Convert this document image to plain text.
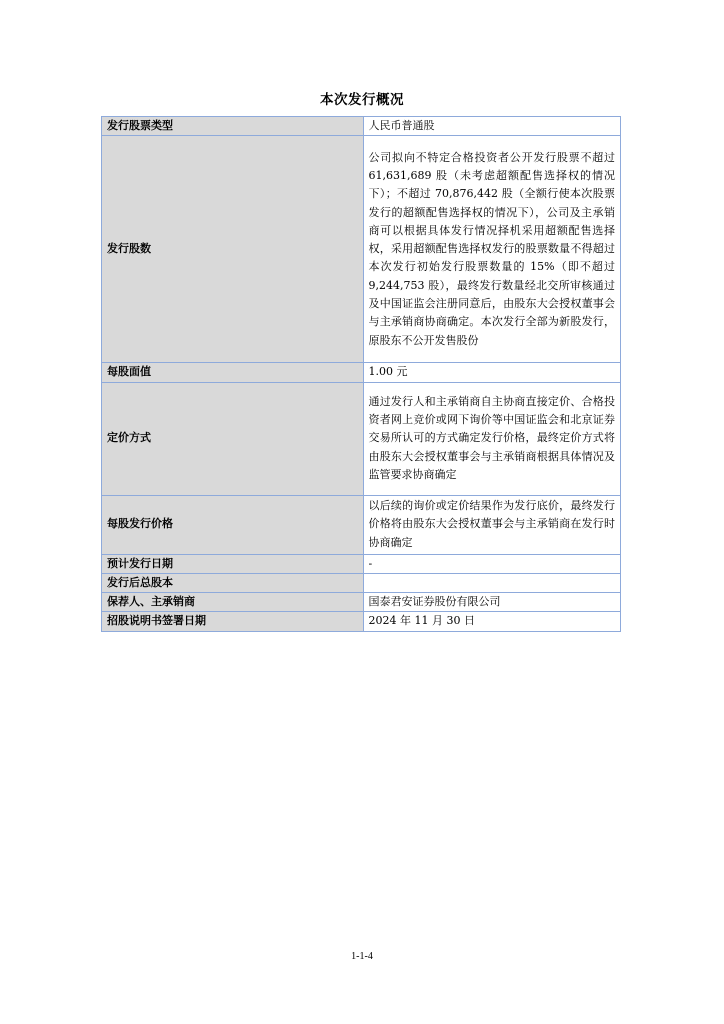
本次发行概况
发行股票类型	人民币普通股
发行股数	公司拟向不特定合格投资者公开发行股票不超过 61,631,689 股（未考虑超额配售选择权的情况下）；不超过 70,876,442 股（全额行使本次股票发行的超额配售选择权的情况下），公司及主承销商可以根据具体发行情况择机采用超额配售选择权，采用超额配售选择权发行的股票数量不得超过本次发行初始发行股票数量的 15%（即不超过 9,244,753 股），最终发行数量经北交所审核通过及中国证监会注册同意后，由股东大会授权董事会与主承销商协商确定。本次发行全部为新股发行，原股东不公开发售股份
每股面值	1.00 元
定价方式	通过发行人和主承销商自主协商直接定价、合格投资者网上竞价或网下询价等中国证监会和北京证券交易所认可的方式确定发行价格，最终定价方式将由股东大会授权董事会与主承销商根据具体情况及监管要求协商确定
每股发行价格	以后续的询价或定价结果作为发行底价，最终发行价格将由股东大会授权董事会与主承销商在发行时协商确定
预计发行日期	-
发行后总股本	
保荐人、主承销商	国泰君安证券股份有限公司
招股说明书签署日期	2024 年 11 月 30 日
1-1-4
